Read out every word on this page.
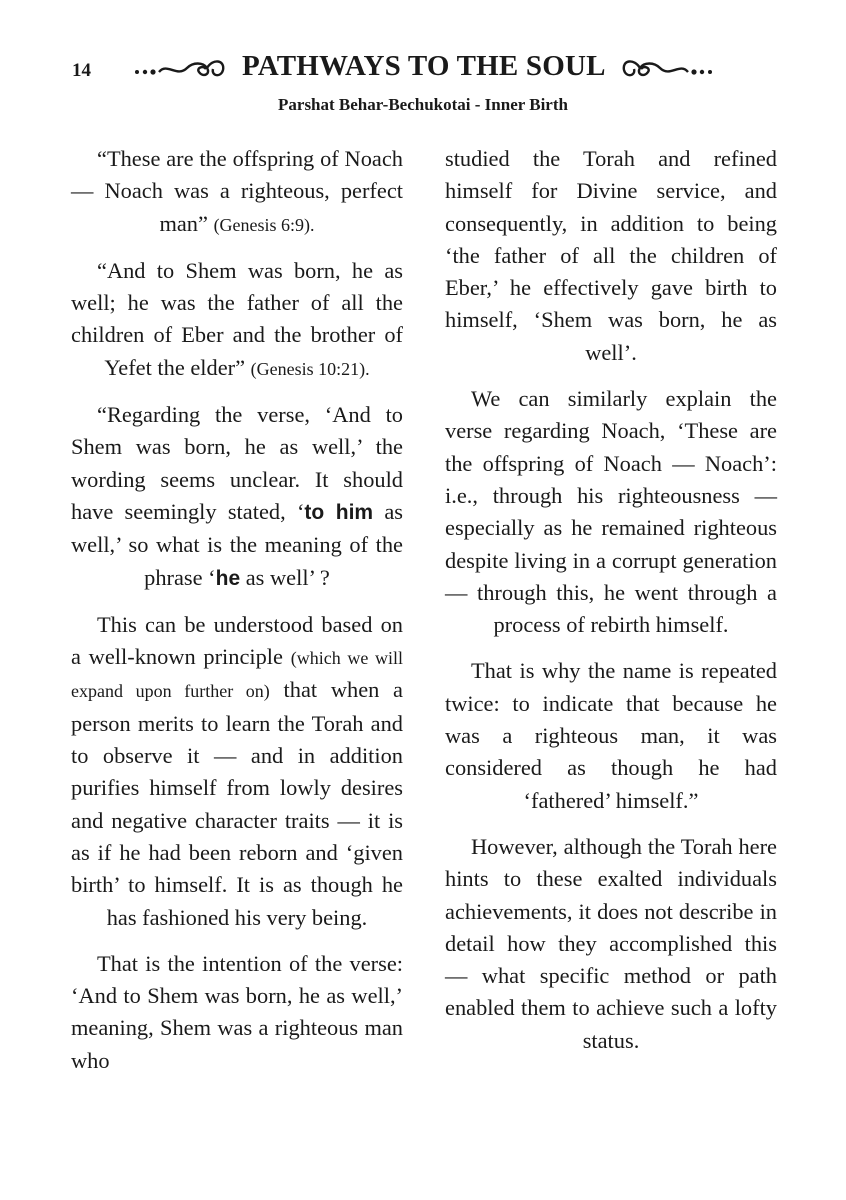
14	PATHWAYS TO THE SOUL
Parshat Behar-Bechukotai - Inner Birth

“These are the offspring of Noach — Noach was a righteous, perfect man” (Genesis 6:9).

“And to Shem was born, he as well; he was the father of all the children of Eber and the brother of Yefet the elder” (Genesis 10:21).

“Regarding the verse, ‘And to Shem was born, he as well,’ the wording seems unclear. It should have seemingly stated, ‘to him as well,’ so what is the meaning of the phrase ‘he as well’ ?

This can be understood based on a well-known principle (which we will expand upon further on) that when a person merits to learn the Torah and to observe it — and in addition purifies himself from lowly desires and negative character traits — it is as if he had been reborn and ‘given birth’ to himself. It is as though he has fashioned his very being.

That is the intention of the verse: ‘And to Shem was born, he as well,’ meaning, Shem was a righteous man who

studied the Torah and refined himself for Divine service, and consequently, in addition to being ‘the father of all the children of Eber,’ he effectively gave birth to himself, ‘Shem was born, he as well’.

We can similarly explain the verse regarding Noach, ‘These are the offspring of Noach — Noach’: i.e., through his righteousness — especially as he remained righteous despite living in a corrupt generation — through this, he went through a process of rebirth himself.

That is why the name is repeated twice: to indicate that because he was a righteous man, it was considered as though he had ‘fathered’ himself.”

However, although the Torah here hints to these exalted individuals achievements, it does not describe in detail how they accomplished this — what specific method or path enabled them to achieve such a lofty status.
